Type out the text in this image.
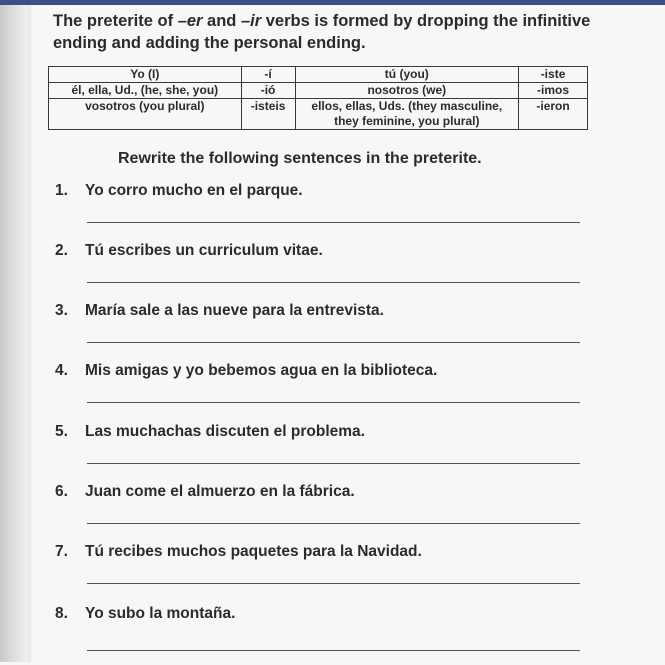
The preterite of –er and –ir verbs is formed by dropping the infinitive ending and adding the personal ending.

Yo (I)	-í	tú (you)	-iste
él, ella, Ud., (he, she, you)	-ió	nosotros (we)	-imos
vosotros (you plural)	-isteis	ellos, ellas, Uds. (they masculine, they feminine, you plural)	-ieron
Rewrite the following sentences in the preterite.
1.	Yo corro mucho en el parque.
2.	Tú escribes un curriculum vitae.
3.	María sale a las nueve para la entrevista.
4.	Mis amigas y yo bebemos agua en la biblioteca.
5.	Las muchachas discuten el problema.
6.	Juan come el almuerzo en la fábrica.
7.	Tú recibes muchos paquetes para la Navidad.
8.	Yo subo la montaña.
